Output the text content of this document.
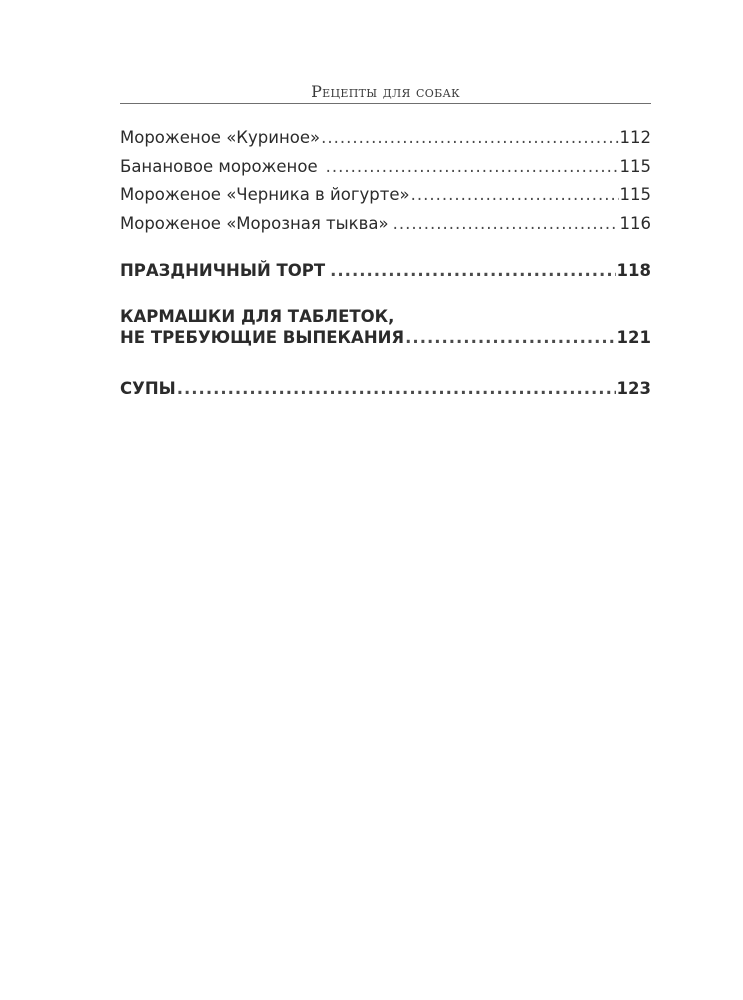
Рецепты для собак
Мороженое «Куриное» .....	112
Банановое мороженое .....	115
Мороженое «Черника в йогурте» .....	115
Мороженое «Морозная тыква» .....	116
ПРАЗДНИЧНЫЙ ТОРТ .....	118
КАРМАШКИ ДЛЯ ТАБЛЕТОК,
НЕ ТРЕБУЮЩИЕ ВЫПЕКАНИЯ .....	121
СУПЫ .....	123
